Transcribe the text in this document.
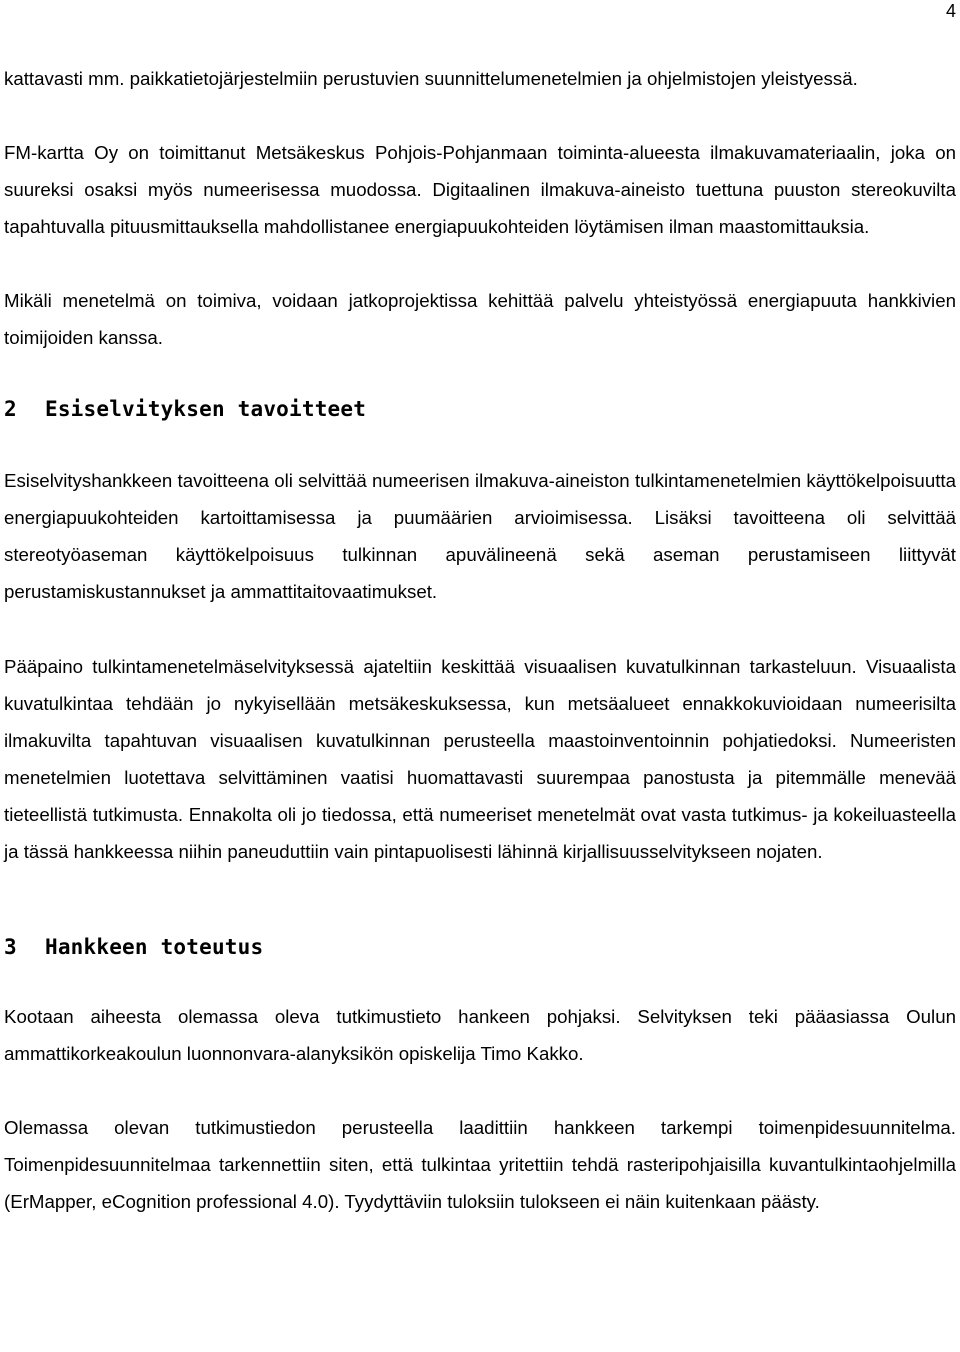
4

kattavasti mm. paikkatietojärjestelmiin perustuvien suunnittelumenetelmien ja ohjelmistojen yleistyessä.

FM-kartta Oy on toimittanut Metsäkeskus Pohjois-Pohjanmaan toiminta-alueesta ilmakuvamateriaalin, joka on suureksi osaksi myös numeerisessa muodossa. Digitaalinen ilmakuva-aineisto tuettuna puuston stereokuvilta tapahtuvalla pituusmittauksella mahdollistanee energiapuukohteiden löytämisen ilman maastomittauksia.

Mikäli menetelmä on toimiva, voidaan jatkoprojektissa kehittää palvelu yhteistyössä energiapuuta hankkivien toimijoiden kanssa.

2	Esiselvityksen tavoitteet

Esiselvityshankkeen tavoitteena oli selvittää numeerisen ilmakuva-aineiston tulkintamenetelmien käyttökelpoisuutta energiapuukohteiden kartoittamisessa ja puumäärien arvioimisessa. Lisäksi tavoitteena oli selvittää stereotyöaseman käyttökelpoisuus tulkinnan apuvälineenä sekä aseman perustamiseen liittyvät perustamiskustannukset ja ammattitaitovaatimukset.

Pääpaino tulkintamenetelmäselvityksessä ajateltiin keskittää visuaalisen kuvatulkinnan tarkasteluun. Visuaalista kuvatulkintaa tehdään jo nykyisellään metsäkeskuksessa, kun metsäalueet ennakkokuvioidaan numeerisilta ilmakuvilta tapahtuvan visuaalisen kuvatulkinnan perusteella maastoinventoinnin pohjatiedoksi. Numeeristen menetelmien luotettava selvittäminen vaatisi huomattavasti suurempaa panostusta ja pitemmälle menevää tieteellistä tutkimusta. Ennakolta oli jo tiedossa, että numeeriset menetelmät ovat vasta tutkimus- ja kokeiluasteella ja tässä hankkeessa niihin paneuduttiin vain pintapuolisesti lähinnä kirjallisuusselvitykseen nojaten.

3	Hankkeen toteutus

Kootaan aiheesta olemassa oleva tutkimustieto hankeen pohjaksi. Selvityksen teki pääasiassa Oulun ammattikorkeakoulun luonnonvara-alanyksikön opiskelija Timo Kakko.

Olemassa olevan tutkimustiedon perusteella laadittiin hankkeen tarkempi toimenpidesuunnitelma. Toimenpidesuunnitelmaa tarkennettiin siten, että tulkintaa yritettiin tehdä rasteripohjaisilla kuvantulkintaohjelmilla (ErMapper, eCognition professional 4.0). Tyydyttäviin tuloksiin tulokseen ei näin kuitenkaan päästy.
